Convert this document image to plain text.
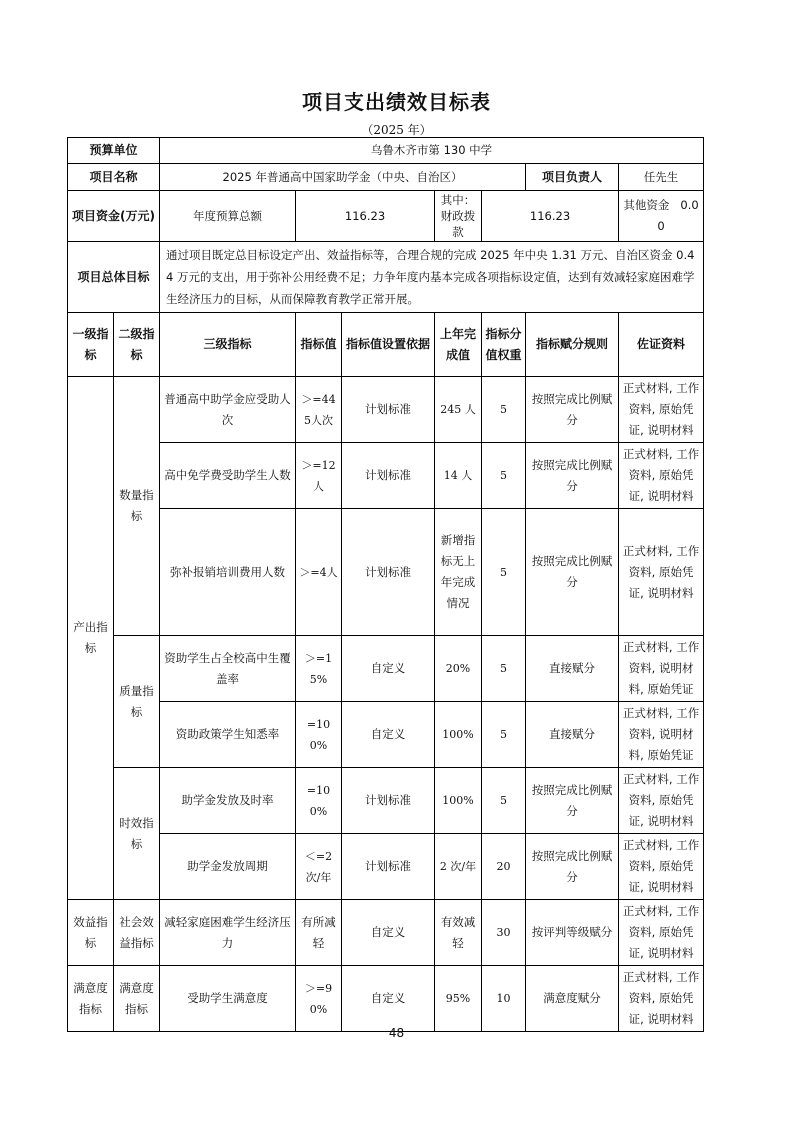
项目支出绩效目标表
（2025 年）
预算单位		乌鲁木齐市第 130 中学						
项目名称		2025 年普通高中国家助学金（中央、自治区）					项目负责人	任先生
项目资金(万元)		年度预算总额	116.23		其中：财政拨款	116.23		其他资金 0.00
项目总体目标		通过项目既定总目标设定产出、效益指标等，合理合规的完成 2025 年中央 1.31 万元、自治区资金 0.44 万元的支出，用于弥补公用经费不足；力争年度内基本完成各项指标设定值，达到有效减轻家庭困难学生经济压力的目标，从而保障教育教学正常开展。						
一级指标	二级指标	三级指标	指标值	指标值设置依据	上年完成值	指标分值权重	指标赋分规则	佐证资料
产出指标	数量指标	普通高中助学金应受助人次	＞=445人次	计划标准	245 人	5	按照完成比例赋分	正式材料, 工作资料, 原始凭证, 说明材料
		高中免学费受助学生人数	＞=12人	计划标准	14 人	5	按照完成比例赋分	正式材料, 工作资料, 原始凭证, 说明材料
		弥补报销培训费用人数	＞=4人	计划标准	新增指标无上年完成情况	5	按照完成比例赋分	正式材料, 工作资料, 原始凭证, 说明材料
	质量指标	资助学生占全校高中生覆盖率	＞=15%	自定义	20%	5	直接赋分	正式材料, 工作资料, 说明材料, 原始凭证
		资助政策学生知悉率	=100%	自定义	100%	5	直接赋分	正式材料, 工作资料, 说明材料, 原始凭证
	时效指标	助学金发放及时率	=100%	计划标准	100%	5	按照完成比例赋分	正式材料, 工作资料, 原始凭证, 说明材料
		助学金发放周期	＜=2次/年	计划标准	2 次/年	20	按照完成比例赋分	正式材料, 工作资料, 原始凭证, 说明材料
效益指标	社会效益指标	减轻家庭困难学生经济压力	有所减轻	自定义	有效减轻	30	按评判等级赋分	正式材料, 工作资料, 原始凭证, 说明材料
满意度指标	满意度指标	受助学生满意度	＞=90%	自定义	95%	10	满意度赋分	正式材料, 工作资料, 原始凭证, 说明材料
48
